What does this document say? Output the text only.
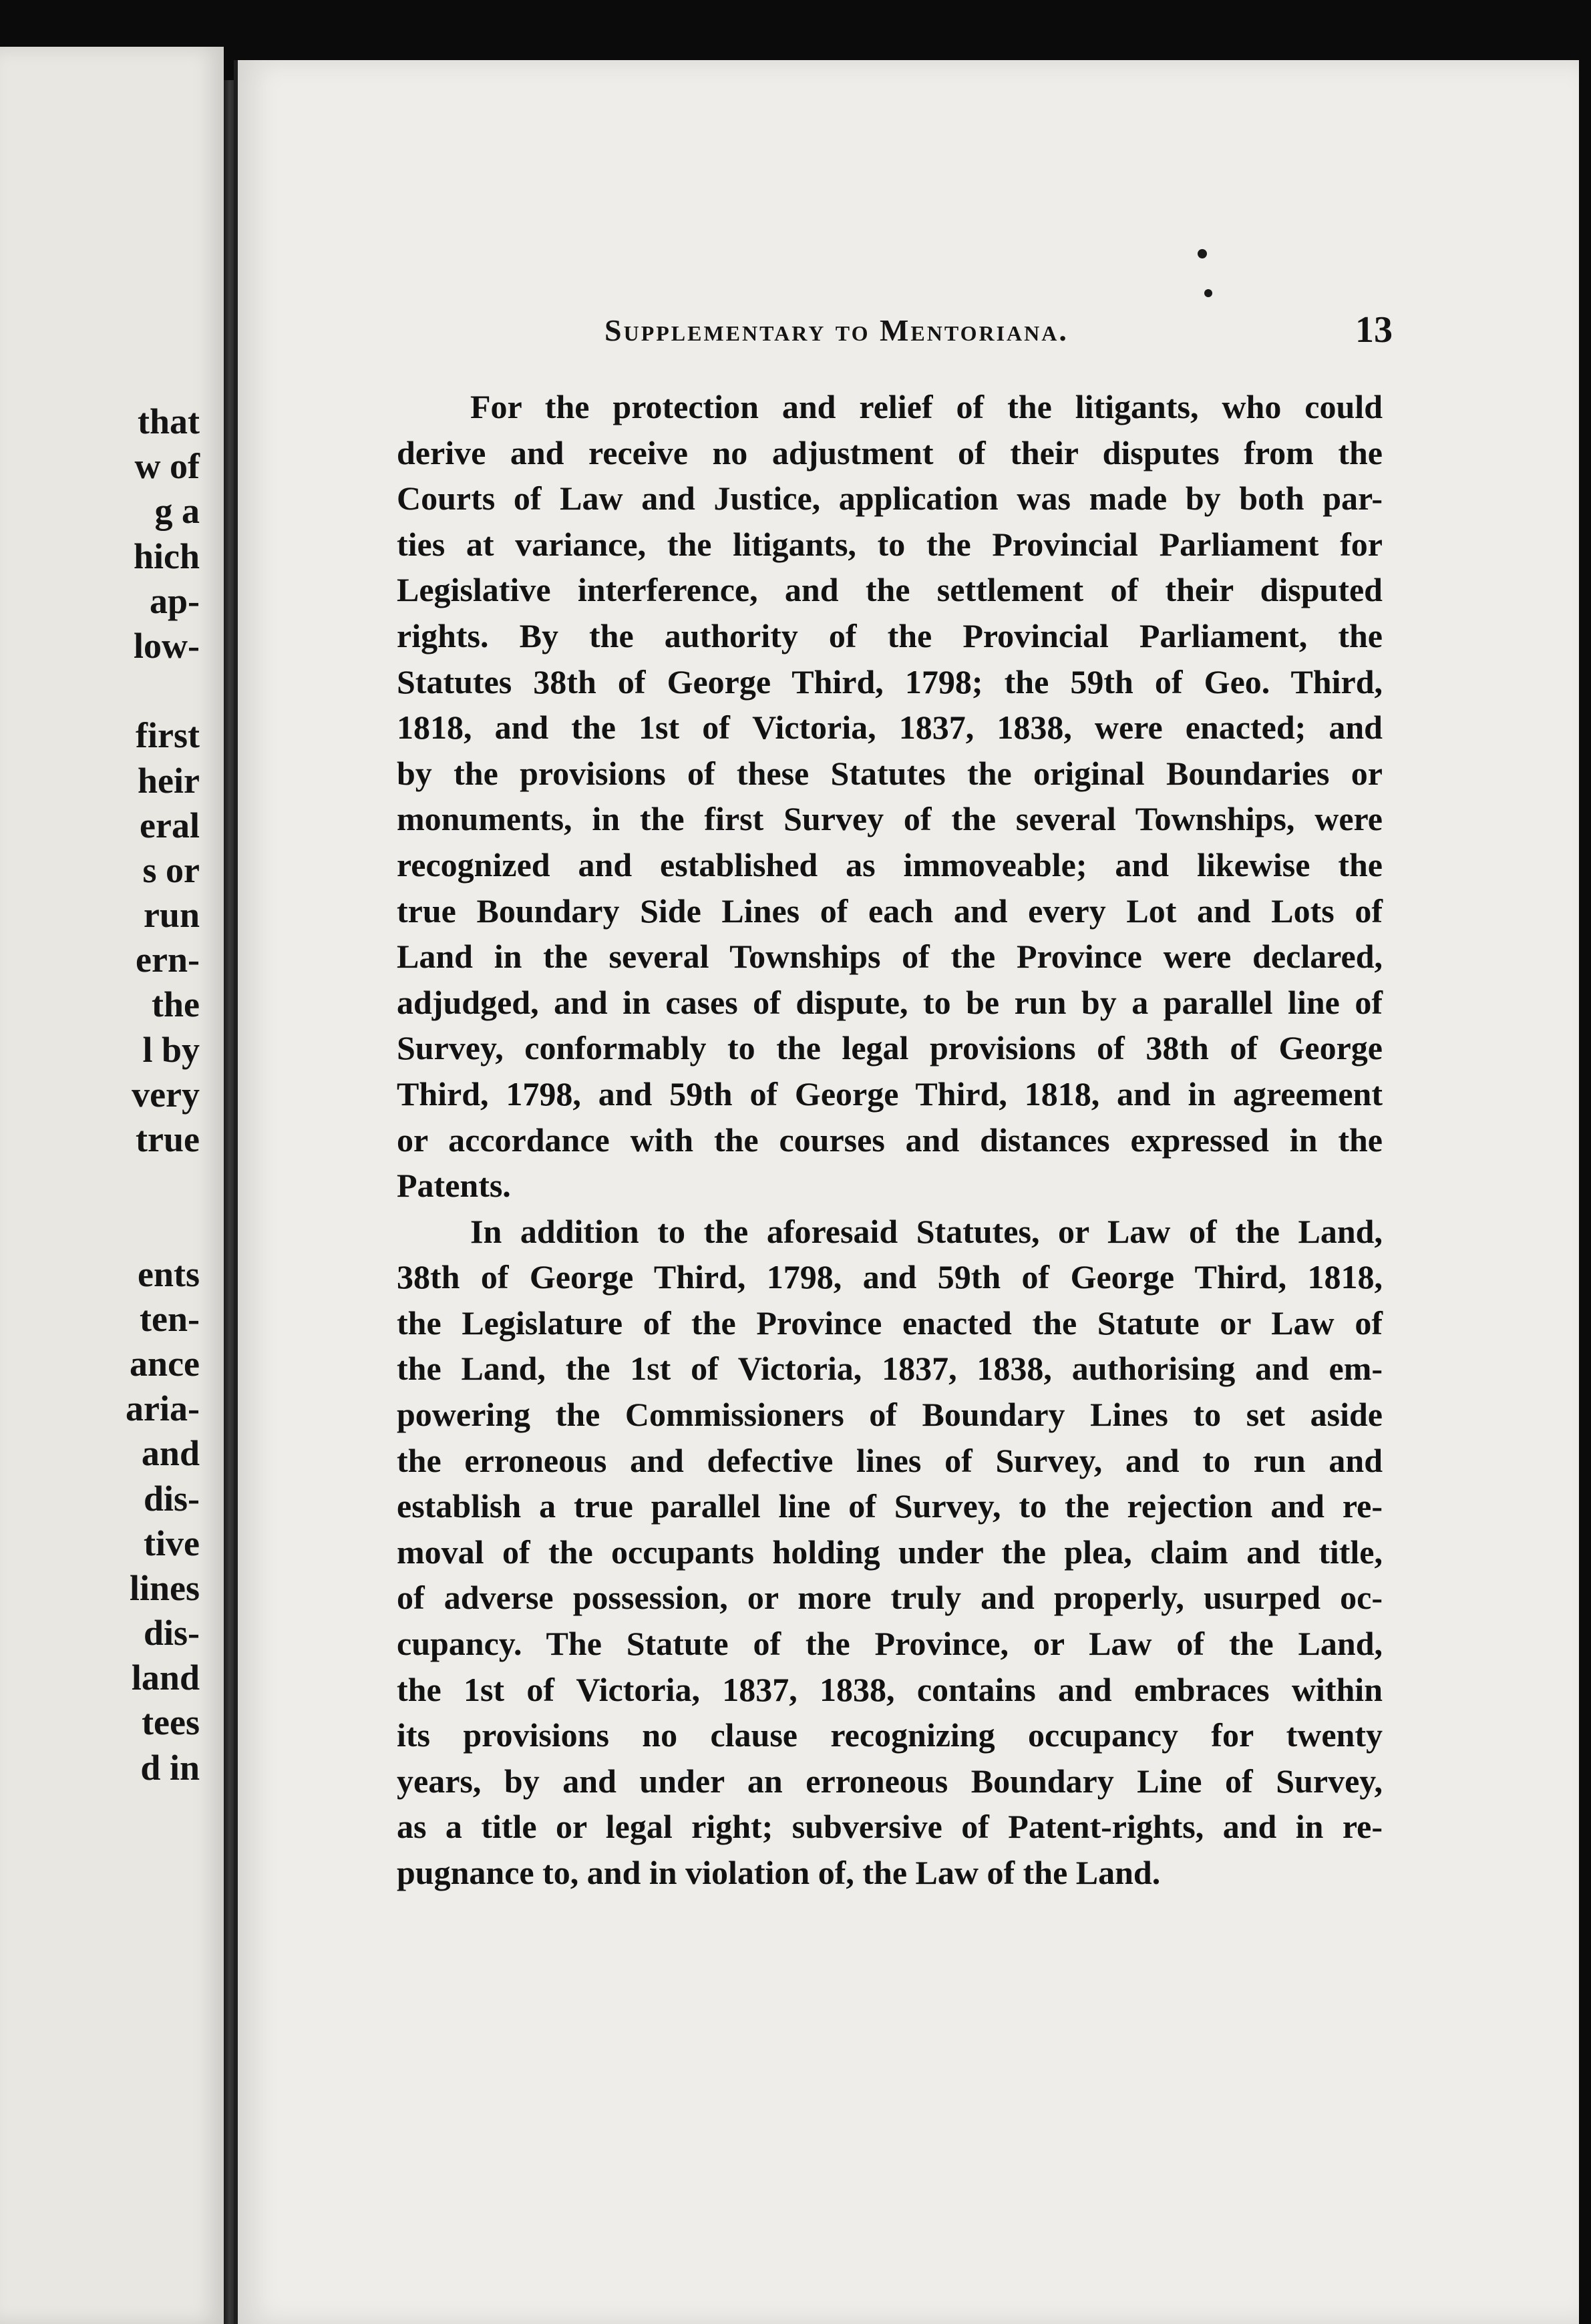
that
w of
g a
hich
ap-
low-
first
heir
eral
s or
run
ern-
the
l by
very
true
ents
ten-
ance
aria-
and
dis-
tive
lines
dis-
land
tees
d in
Supplementary to Mentoriana.	13
For the protection and relief of the litigants, who could
derive and receive no adjustment of their disputes from the
Courts of Law and Justice, application was made by both par-
ties at variance, the litigants, to the Provincial Parliament for
Legislative interference, and the settlement of their disputed
rights. By the authority of the Provincial Parliament, the
Statutes 38th of George Third, 1798; the 59th of Geo. Third,
1818, and the 1st of Victoria, 1837, 1838, were enacted; and
by the provisions of these Statutes the original Boundaries or
monuments, in the first Survey of the several Townships, were
recognized and established as immoveable; and likewise the
true Boundary Side Lines of each and every Lot and Lots of
Land in the several Townships of the Province were declared,
adjudged, and in cases of dispute, to be run by a parallel line of
Survey, conformably to the legal provisions of 38th of George
Third, 1798, and 59th of George Third, 1818, and in agreement
or accordance with the courses and distances expressed in the
Patents.
In addition to the aforesaid Statutes, or Law of the Land,
38th of George Third, 1798, and 59th of George Third, 1818,
the Legislature of the Province enacted the Statute or Law of
the Land, the 1st of Victoria, 1837, 1838, authorising and em-
powering the Commissioners of Boundary Lines to set aside
the erroneous and defective lines of Survey, and to run and
establish a true parallel line of Survey, to the rejection and re-
moval of the occupants holding under the plea, claim and title,
of adverse possession, or more truly and properly, usurped oc-
cupancy. The Statute of the Province, or Law of the Land,
the 1st of Victoria, 1837, 1838, contains and embraces within
its provisions no clause recognizing occupancy for twenty
years, by and under an erroneous Boundary Line of Survey,
as a title or legal right; subversive of Patent-rights, and in re-
pugnance to, and in violation of, the Law of the Land.
